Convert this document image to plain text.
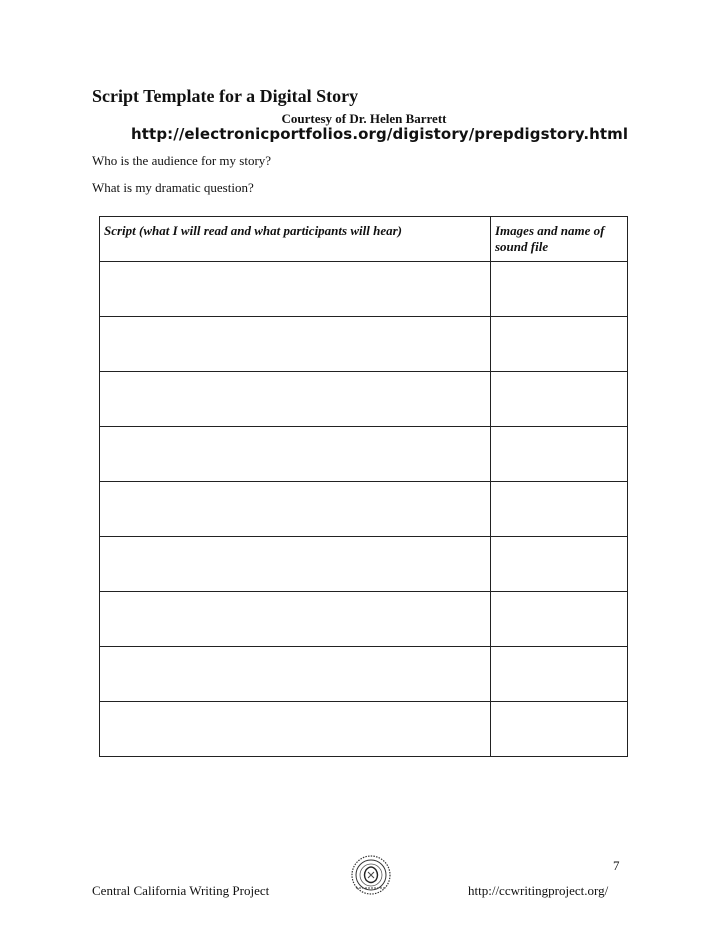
Script Template for a Digital Story
Courtesy of Dr. Helen Barrett
http://electronicportfolios.org/digistory/prepdigstory.html
Who is the audience for my story?
What is my dramatic question?
Script (what I will read and what participants will hear)	Images and name of sound file

7
Central California Writing Project	http://ccwritingproject.org/
